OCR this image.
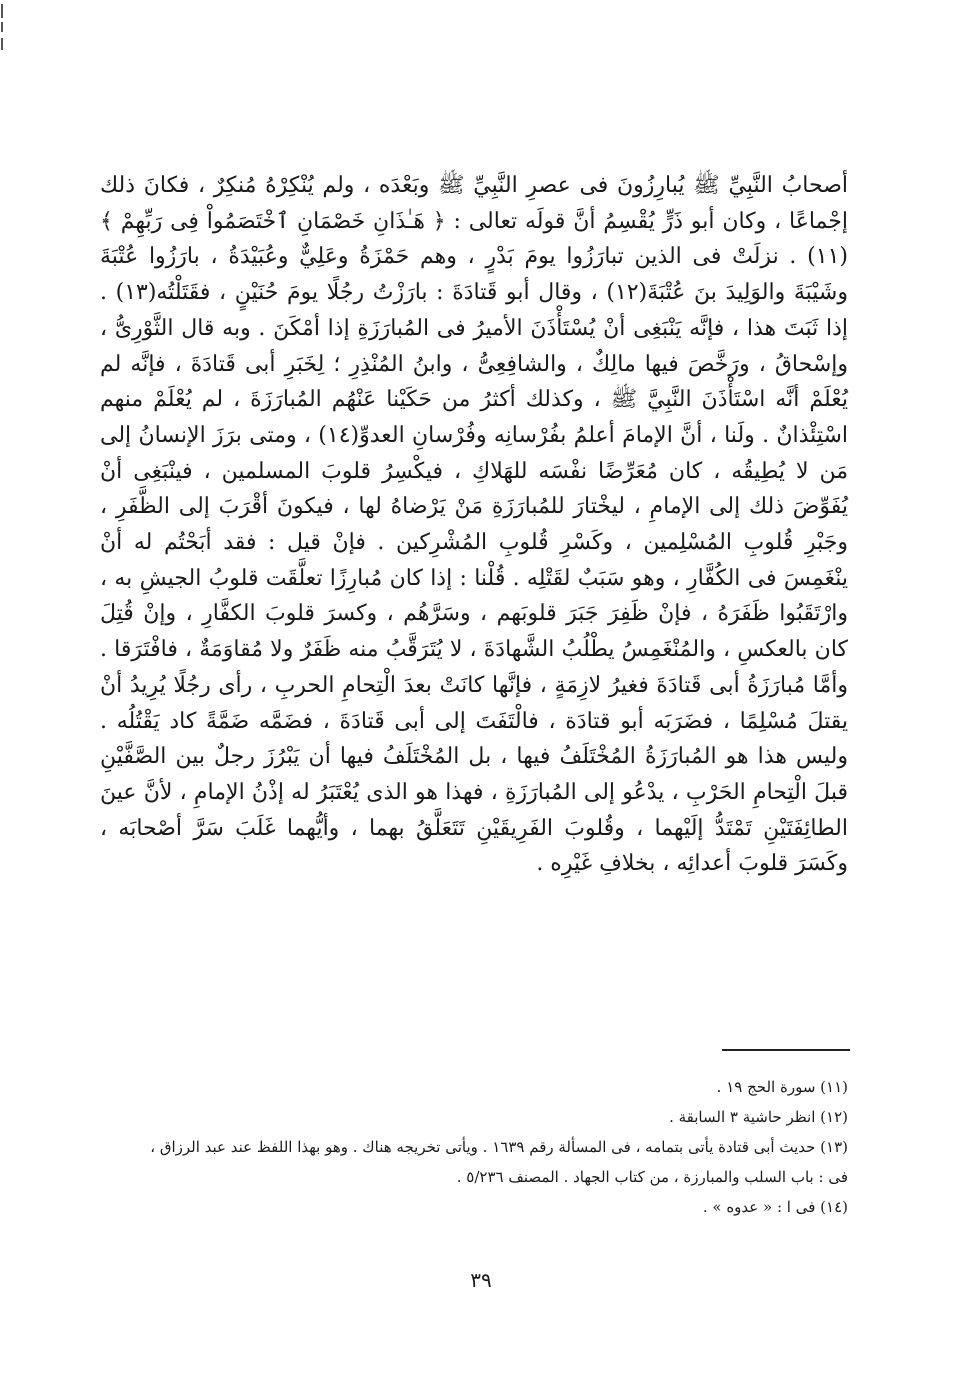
أصحابُ النَّبِيِّ ﷺ يُبارِزُونَ فى عصرِ النَّبِيِّ ﷺ وبَعْدَه ، ولم يُنْكِرْهُ مُنكِرٌ ، فكانَ ذلك إجْماعًا ، وكان أبو ذَرٍّ يُقْسِمُ أنَّ قولَه تعالى : ﴿ هَـٰذَانِ خَصْمَانِ ٱخْتَصَمُواْ فِى رَبِّهِمْ ﴾(١١) . نزلَتْ فى الذين تبارَزُوا يومَ بَدْرٍ ، وهم حَمْزَةُ وعَلِيٌّ وعُبَيْدَةُ ، بارَزُوا عُتْبَةَ وشَيْبَةَ والوَلِيدَ بنَ عُتْبَةَ(١٢) ، وقال أبو قَتادَةَ : بارَزْتُ رجُلًا يومَ حُنَيْنٍ ، فقَتَلْتُه(١٣) . إذا ثَبَتَ هذا ، فإنَّه يَنْبَغِى أنْ يُسْتَأْذَنَ الأميرُ فى المُبارَزَةِ إذا أمْكَنَ . وبه قال الثَّوْرِىُّ ، وإسْحاقُ ، ورَخَّصَ فيها مالِكٌ ، والشافِعِىُّ ، وابنُ المُنْذِرِ ؛ لِخَبَرِ أبى قَتادَةَ ، فإنَّه لم يُعْلَمْ أنَّه اسْتَأْذَنَ النَّبِيَّ ﷺ ، وكذلك أكثرُ من حَكَيْنا عَنْهُم المُبارَزَةَ ، لم يُعْلَمْ منهم اسْتِئْذانٌ . ولَنا ، أنَّ الإمامَ أعلمُ بفُرْسانِه وفُرْسانِ العدوِّ(١٤) ، ومتى برَزَ الإنسانُ إلى مَن لا يُطِيقُه ، كان مُعَرِّضًا نفْسَه للهَلاكِ ، فيكْسِرُ قلوبَ المسلمين ، فينْبَغِى أنْ يُفَوِّضَ ذلك إلى الإمامِ ، ليخْتارَ للمُبارَزَةِ مَنْ يَرْضاهُ لها ، فيكونَ أقْرَبَ إلى الظَّفَرِ ، وجَبْرِ قُلوبِ المُسْلِمين ، وكَسْرِ قُلوبِ المُشْرِكين . فإنْ قيل : فقد أبَحْتُم له أنْ ينْغَمِسَ فى الكُفَّارِ ، وهو سَبَبٌ لقَتْلِه . قُلْنا : إذا كان مُبارِزًا تعلَّقَت قلوبُ الجيشِ به ، وارْتَقَبُوا ظَفَرَهُ ، فإنْ ظَفِرَ جَبَرَ قلوبَهم ، وسَرَّهُم ، وكسرَ قلوبَ الكفَّارِ ، وإنْ قُتِلَ كان بالعكسِ ، والمُنْغَمِسُ يطْلُبُ الشَّهادَةَ ، لا يُتَرَقَّبُ منه ظَفَرٌ ولا مُقاوَمَةٌ ، فافْتَرَقا . وأمَّا مُبارَزَةُ أبى قَتادَةَ فغيرُ لازِمَةٍ ، فإنَّها كانَتْ بعدَ الْتِحامِ الحربِ ، رأى رجُلًا يُرِيدُ أنْ يقتلَ مُسْلِمًا ، فضَرَبَه أبو قتادَة ، فالْتَفَتَ إلى أبى قَتادَةَ ، فضَمَّه ضَمَّةً كاد يَقْتُلُه . وليس هذا هو المُبارَزَةُ المُخْتَلَفُ فيها ، بل المُخْتَلَفُ فيها أن يَبْرُزَ رجلٌ بين الصَّفَّيْنِ قبلَ الْتِحامِ الحَرْبِ ، يدْعُو إلى المُبارَزَةِ ، فهذا هو الذى يُعْتَبَرُ له إذْنُ الإمامِ ، لأنَّ عينَ الطائِفَتَيْنِ تَمْتَدُّ إلَيْهما ، وقُلوبَ الفَرِيقَيْنِ تَتَعَلَّقُ بهما ، وأيُّهما غَلَبَ سَرَّ أصْحابَه ، وكَسَرَ قلوبَ أعدائِه ، بخلافِ غَيْرِه .

(١١) سورة الحج ١٩ .
(١٢) انظر حاشية ٣ السابقة .
(١٣) حديث أبى قتادة يأتى بتمامه ، فى المسألة رقم ١٦٣٩ . ويأتى تخريجه هناك . وهو بهذا اللفظ عند عبد الرزاق ، فى : باب السلب والمبارزة ، من كتاب الجهاد . المصنف ٥/٢٣٦ .
(١٤) فى ا : « عدوه » .
٣٩
